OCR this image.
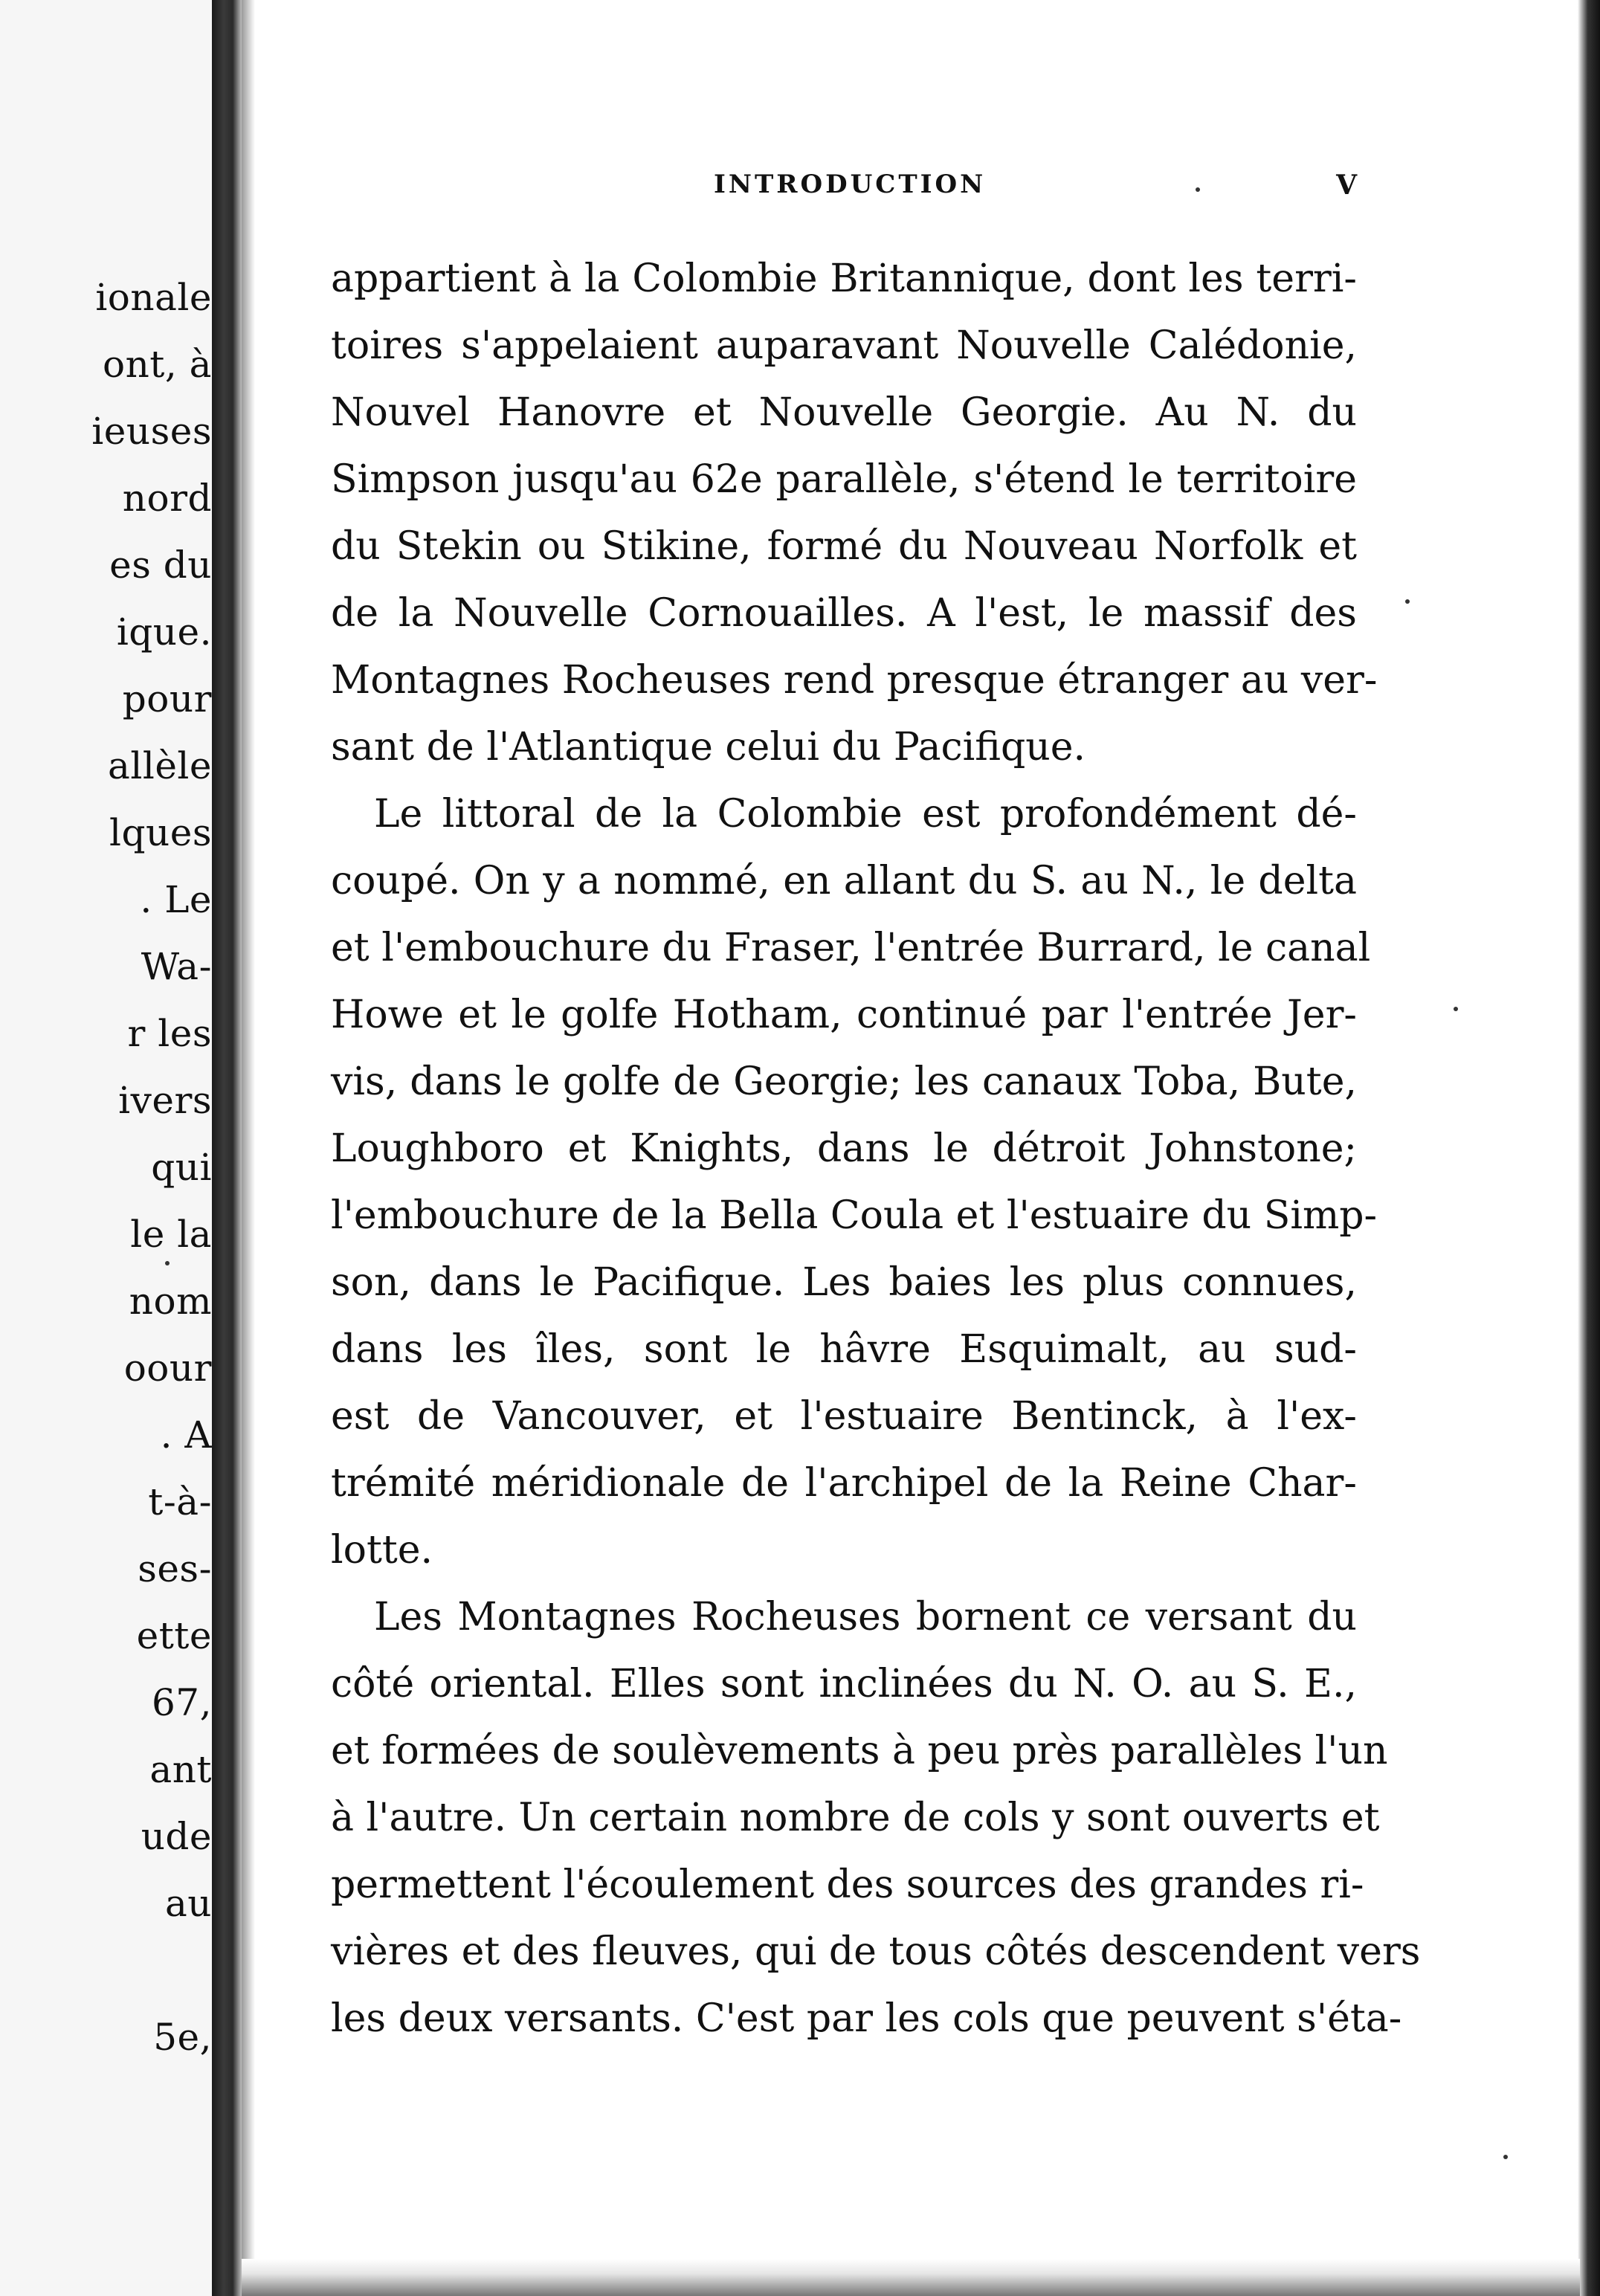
ionale
ont, à
ieuses
nord
es du
ique.
pour
allèle
lques
. Le
Wa-
r les
ivers
qui
le la
nom
oour
. A
t-à-
ses-
ette
67,
ant
ude
au
5e,
INTRODUCTION	V
appartient à la Colombie Britannique, dont les terri-
toires s'appelaient auparavant Nouvelle Calédonie,
Nouvel Hanovre et Nouvelle Georgie. Au N. du
Simpson jusqu'au 62e parallèle, s'étend le territoire
du Stekin ou Stikine, formé du Nouveau Norfolk et
de la Nouvelle Cornouailles. A l'est, le massif des
Montagnes Rocheuses rend presque étranger au ver-
sant de l'Atlantique celui du Pacifique.
Le littoral de la Colombie est profondément dé-
coupé. On y a nommé, en allant du S. au N., le delta
et l'embouchure du Fraser, l'entrée Burrard, le canal
Howe et le golfe Hotham, continué par l'entrée Jer-
vis, dans le golfe de Georgie; les canaux Toba, Bute,
Loughboro et Knights, dans le détroit Johnstone;
l'embouchure de la Bella Coula et l'estuaire du Simp-
son, dans le Pacifique. Les baies les plus connues,
dans les îles, sont le hâvre Esquimalt, au sud-
est de Vancouver, et l'estuaire Bentinck, à l'ex-
trémité méridionale de l'archipel de la Reine Char-
lotte.
Les Montagnes Rocheuses bornent ce versant du
côté oriental. Elles sont inclinées du N. O. au S. E.,
et formées de soulèvements à peu près parallèles l'un
à l'autre. Un certain nombre de cols y sont ouverts et
permettent l'écoulement des sources des grandes ri-
vières et des fleuves, qui de tous côtés descendent vers
les deux versants. C'est par les cols que peuvent s'éta-
